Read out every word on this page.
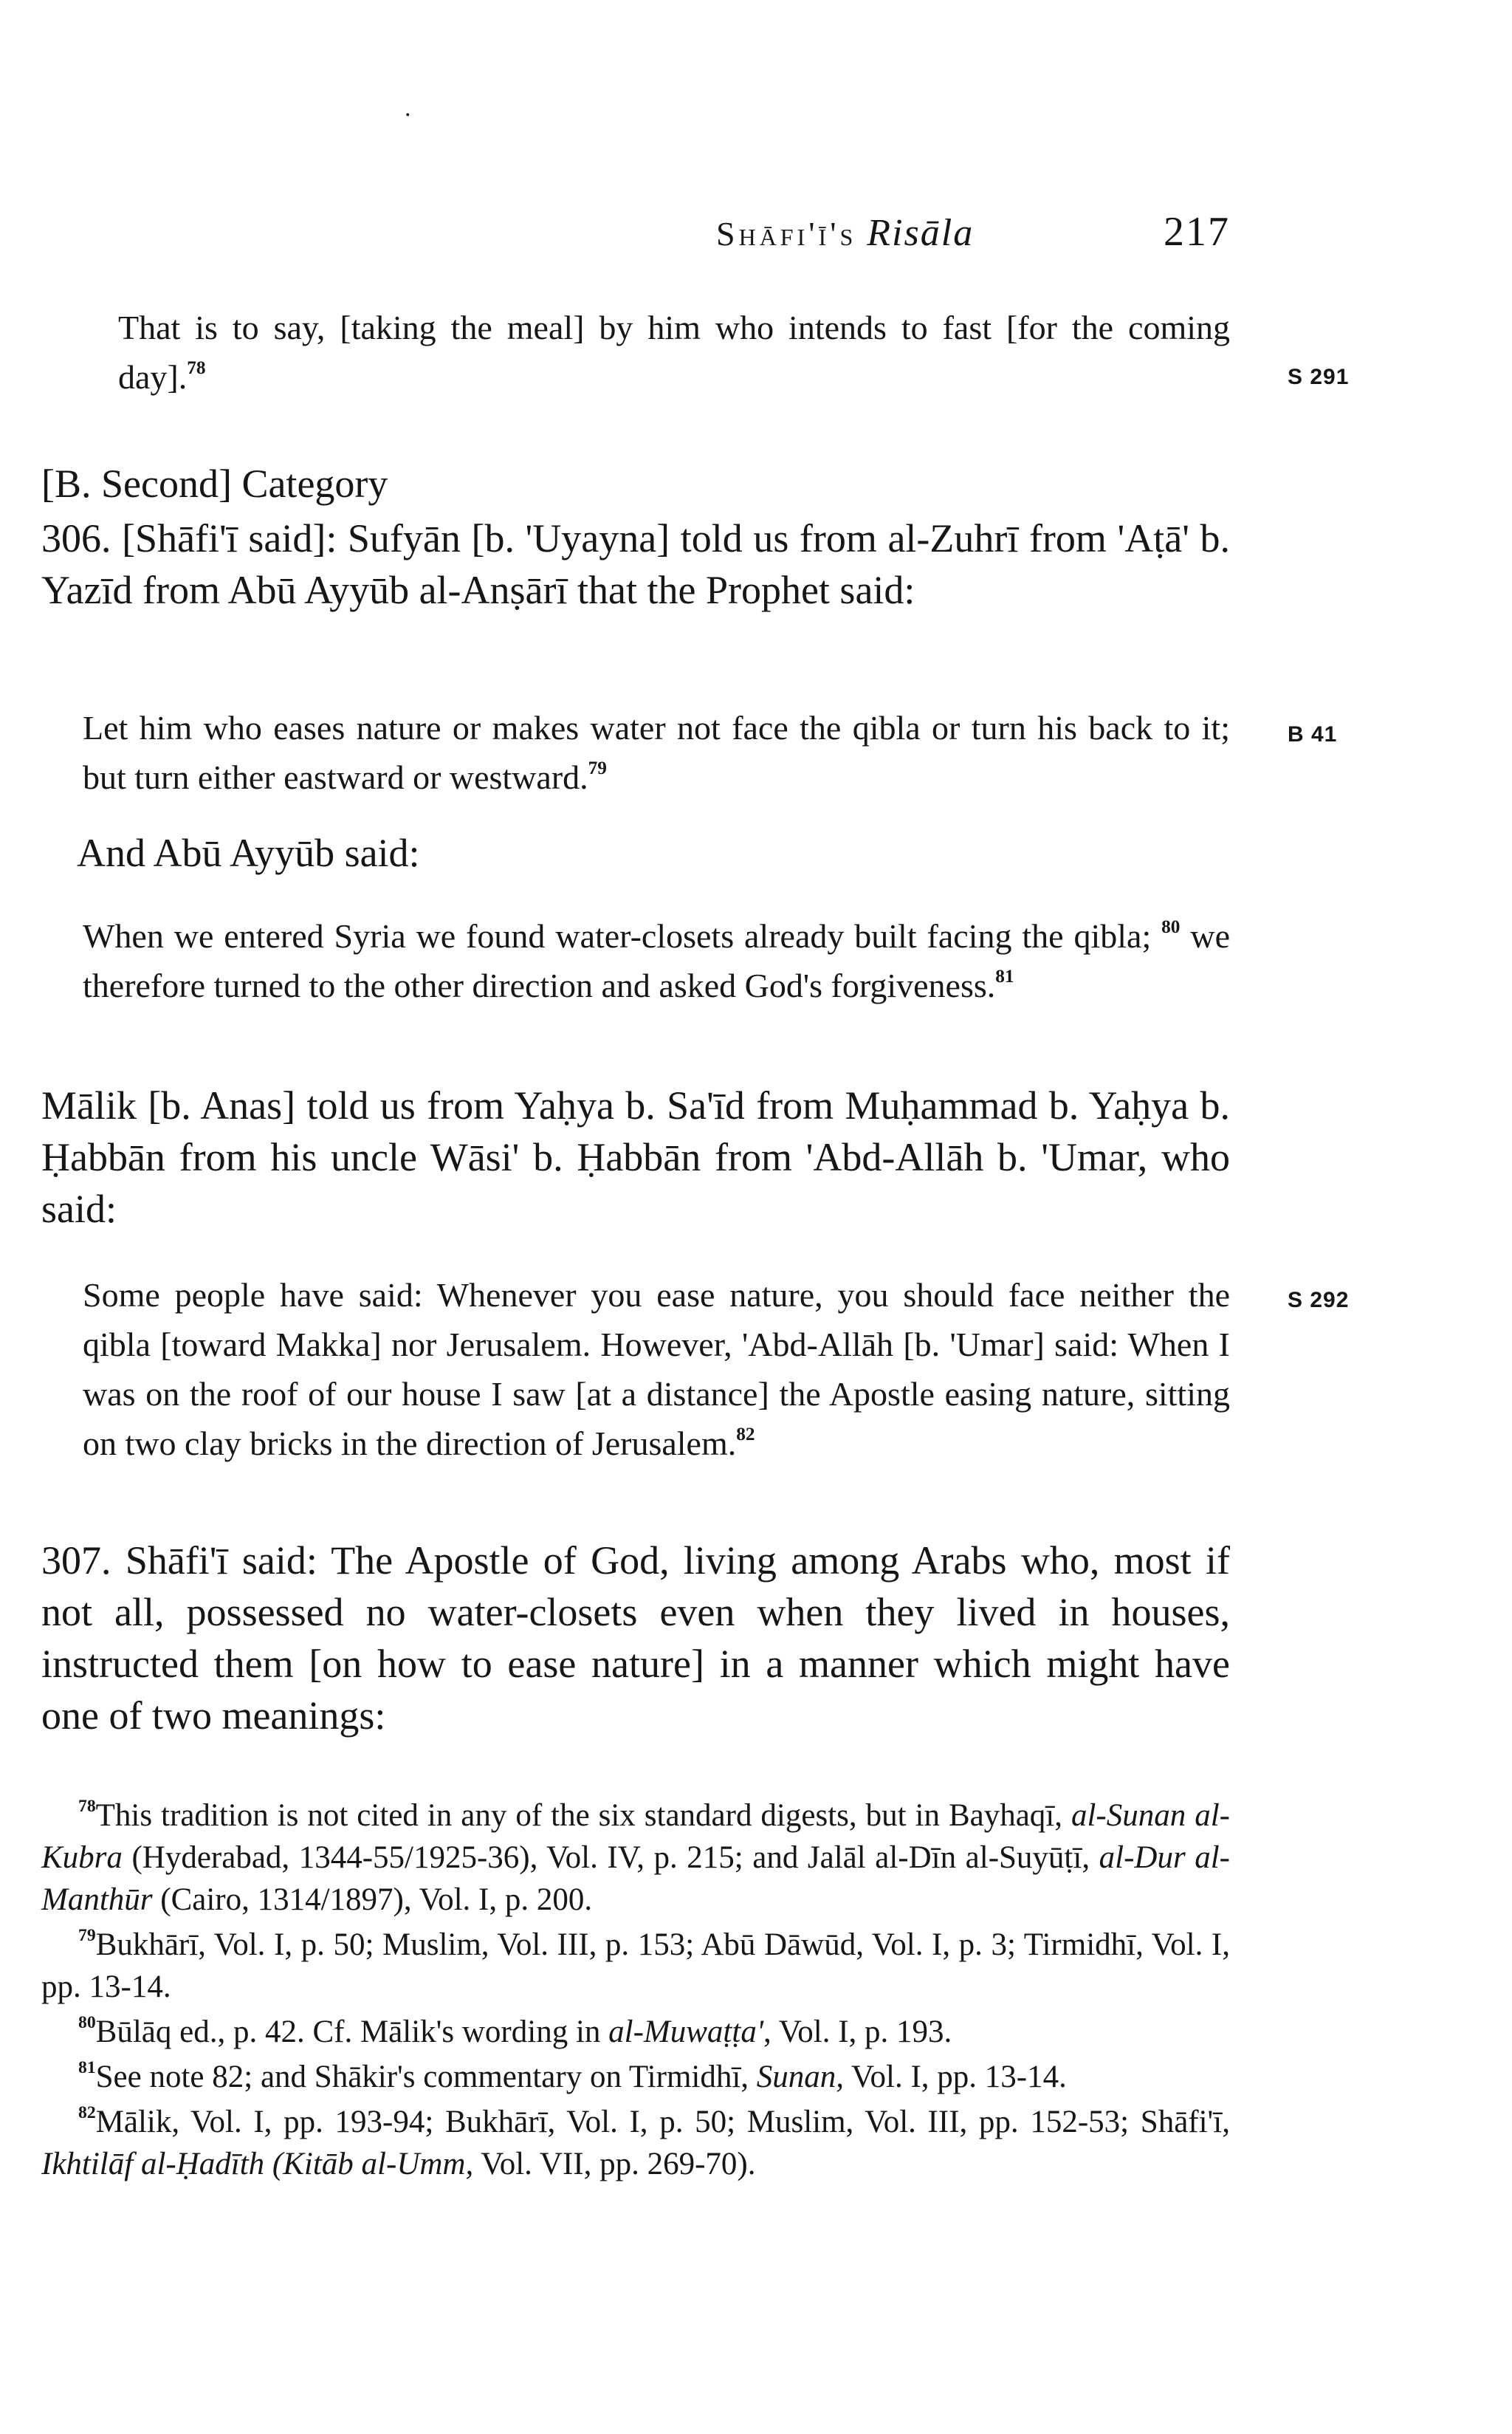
.
Shāfi'ī's Risāla	217
That is to say, [taking the meal] by him who intends to fast [for the coming day].$^{78}$
[B. Second] Category
306. [Shāfi'ī said]: Sufyān [b. 'Uyayna] told us from al-Zuhrī from 'Aṭā' b. Yazīd from Abū Ayyūb al-Anṣārī that the Prophet said:
Let him who eases nature or makes water not face the qibla or turn his back to it; but turn either eastward or westward.$^{79}$
And Abū Ayyūb said:
When we entered Syria we found water-closets already built facing the qibla; $^{80}$ we therefore turned to the other direction and asked God's forgiveness.$^{81}$
Mālik [b. Anas] told us from Yaḥya b. Sa'īd from Muḥammad b. Yaḥya b. Ḥabbān from his uncle Wāsi' b. Ḥabbān from 'Abd-Allāh b. 'Umar, who said:
Some people have said: Whenever you ease nature, you should face neither the qibla [toward Makka] nor Jerusalem. However, 'Abd-Allāh [b. 'Umar] said: When I was on the roof of our house I saw [at a distance] the Apostle easing nature, sitting on two clay bricks in the direction of Jerusalem.$^{82}$
307. Shāfi'ī said: The Apostle of God, living among Arabs who, most if not all, possessed no water-closets even when they lived in houses, instructed them [on how to ease nature] in a manner which might have one of two meanings:
S 291
B 41
S 292

$^{78}$This tradition is not cited in any of the six standard digests, but in Bayhaqī, al-Sunan al-Kubra (Hyderabad, 1344-55/1925-36), Vol. IV, p. 215; and Jalāl al-Dīn al-Suyūṭī, al-Dur al-Manthūr (Cairo, 1314/1897), Vol. I, p. 200.

$^{79}$Bukhārī, Vol. I, p. 50; Muslim, Vol. III, p. 153; Abū Dāwūd, Vol. I, p. 3; Tirmidhī, Vol. I, pp. 13-14.

$^{80}$Būlāq ed., p. 42. Cf. Mālik's wording in al-Muwaṭṭa', Vol. I, p. 193.

$^{81}$See note 82; and Shākir's commentary on Tirmidhī, Sunan, Vol. I, pp. 13-14.

$^{82}$Mālik, Vol. I, pp. 193-94; Bukhārī, Vol. I, p. 50; Muslim, Vol. III, pp. 152-53; Shāfi'ī, Ikhtilāf al-Ḥadīth (Kitāb al-Umm, Vol. VII, pp. 269-70).
